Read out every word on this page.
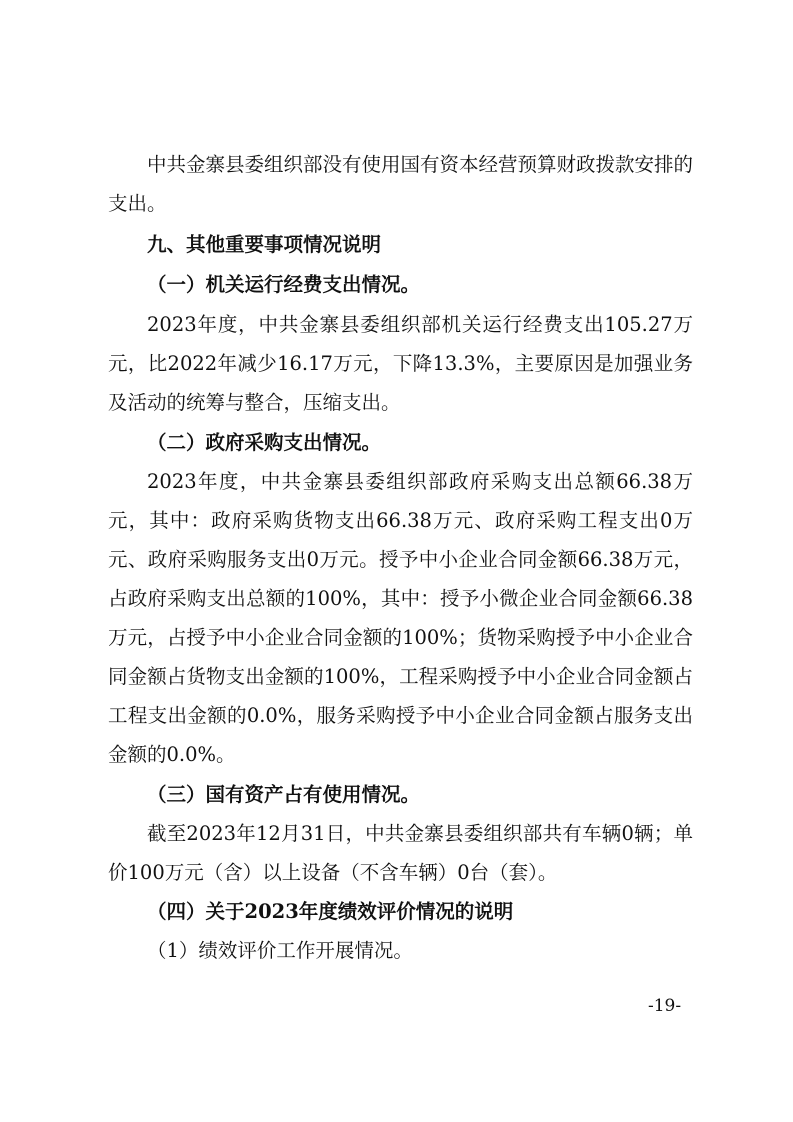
中共金寨县委组织部没有使用国有资本经营预算财政拨款安排的支出。

九、其他重要事项情况说明

（一）机关运行经费支出情况。

2023年度，中共金寨县委组织部机关运行经费支出105.27万元，比2022年减少16.17万元，下降13.3%，主要原因是加强业务及活动的统筹与整合，压缩支出。

（二）政府采购支出情况。

2023年度，中共金寨县委组织部政府采购支出总额66.38万元，其中：政府采购货物支出66.38万元、政府采购工程支出0万元、政府采购服务支出0万元。授予中小企业合同金额66.38万元，占政府采购支出总额的100%，其中：授予小微企业合同金额66.38万元，占授予中小企业合同金额的100%；货物采购授予中小企业合同金额占货物支出金额的100%，工程采购授予中小企业合同金额占工程支出金额的0.0%，服务采购授予中小企业合同金额占服务支出金额的0.0%。

（三）国有资产占有使用情况。

截至2023年12月31日，中共金寨县委组织部共有车辆0辆；单价100万元（含）以上设备（不含车辆）0台（套）。

（四）关于2023年度绩效评价情况的说明

（1）绩效评价工作开展情况。

-19-
